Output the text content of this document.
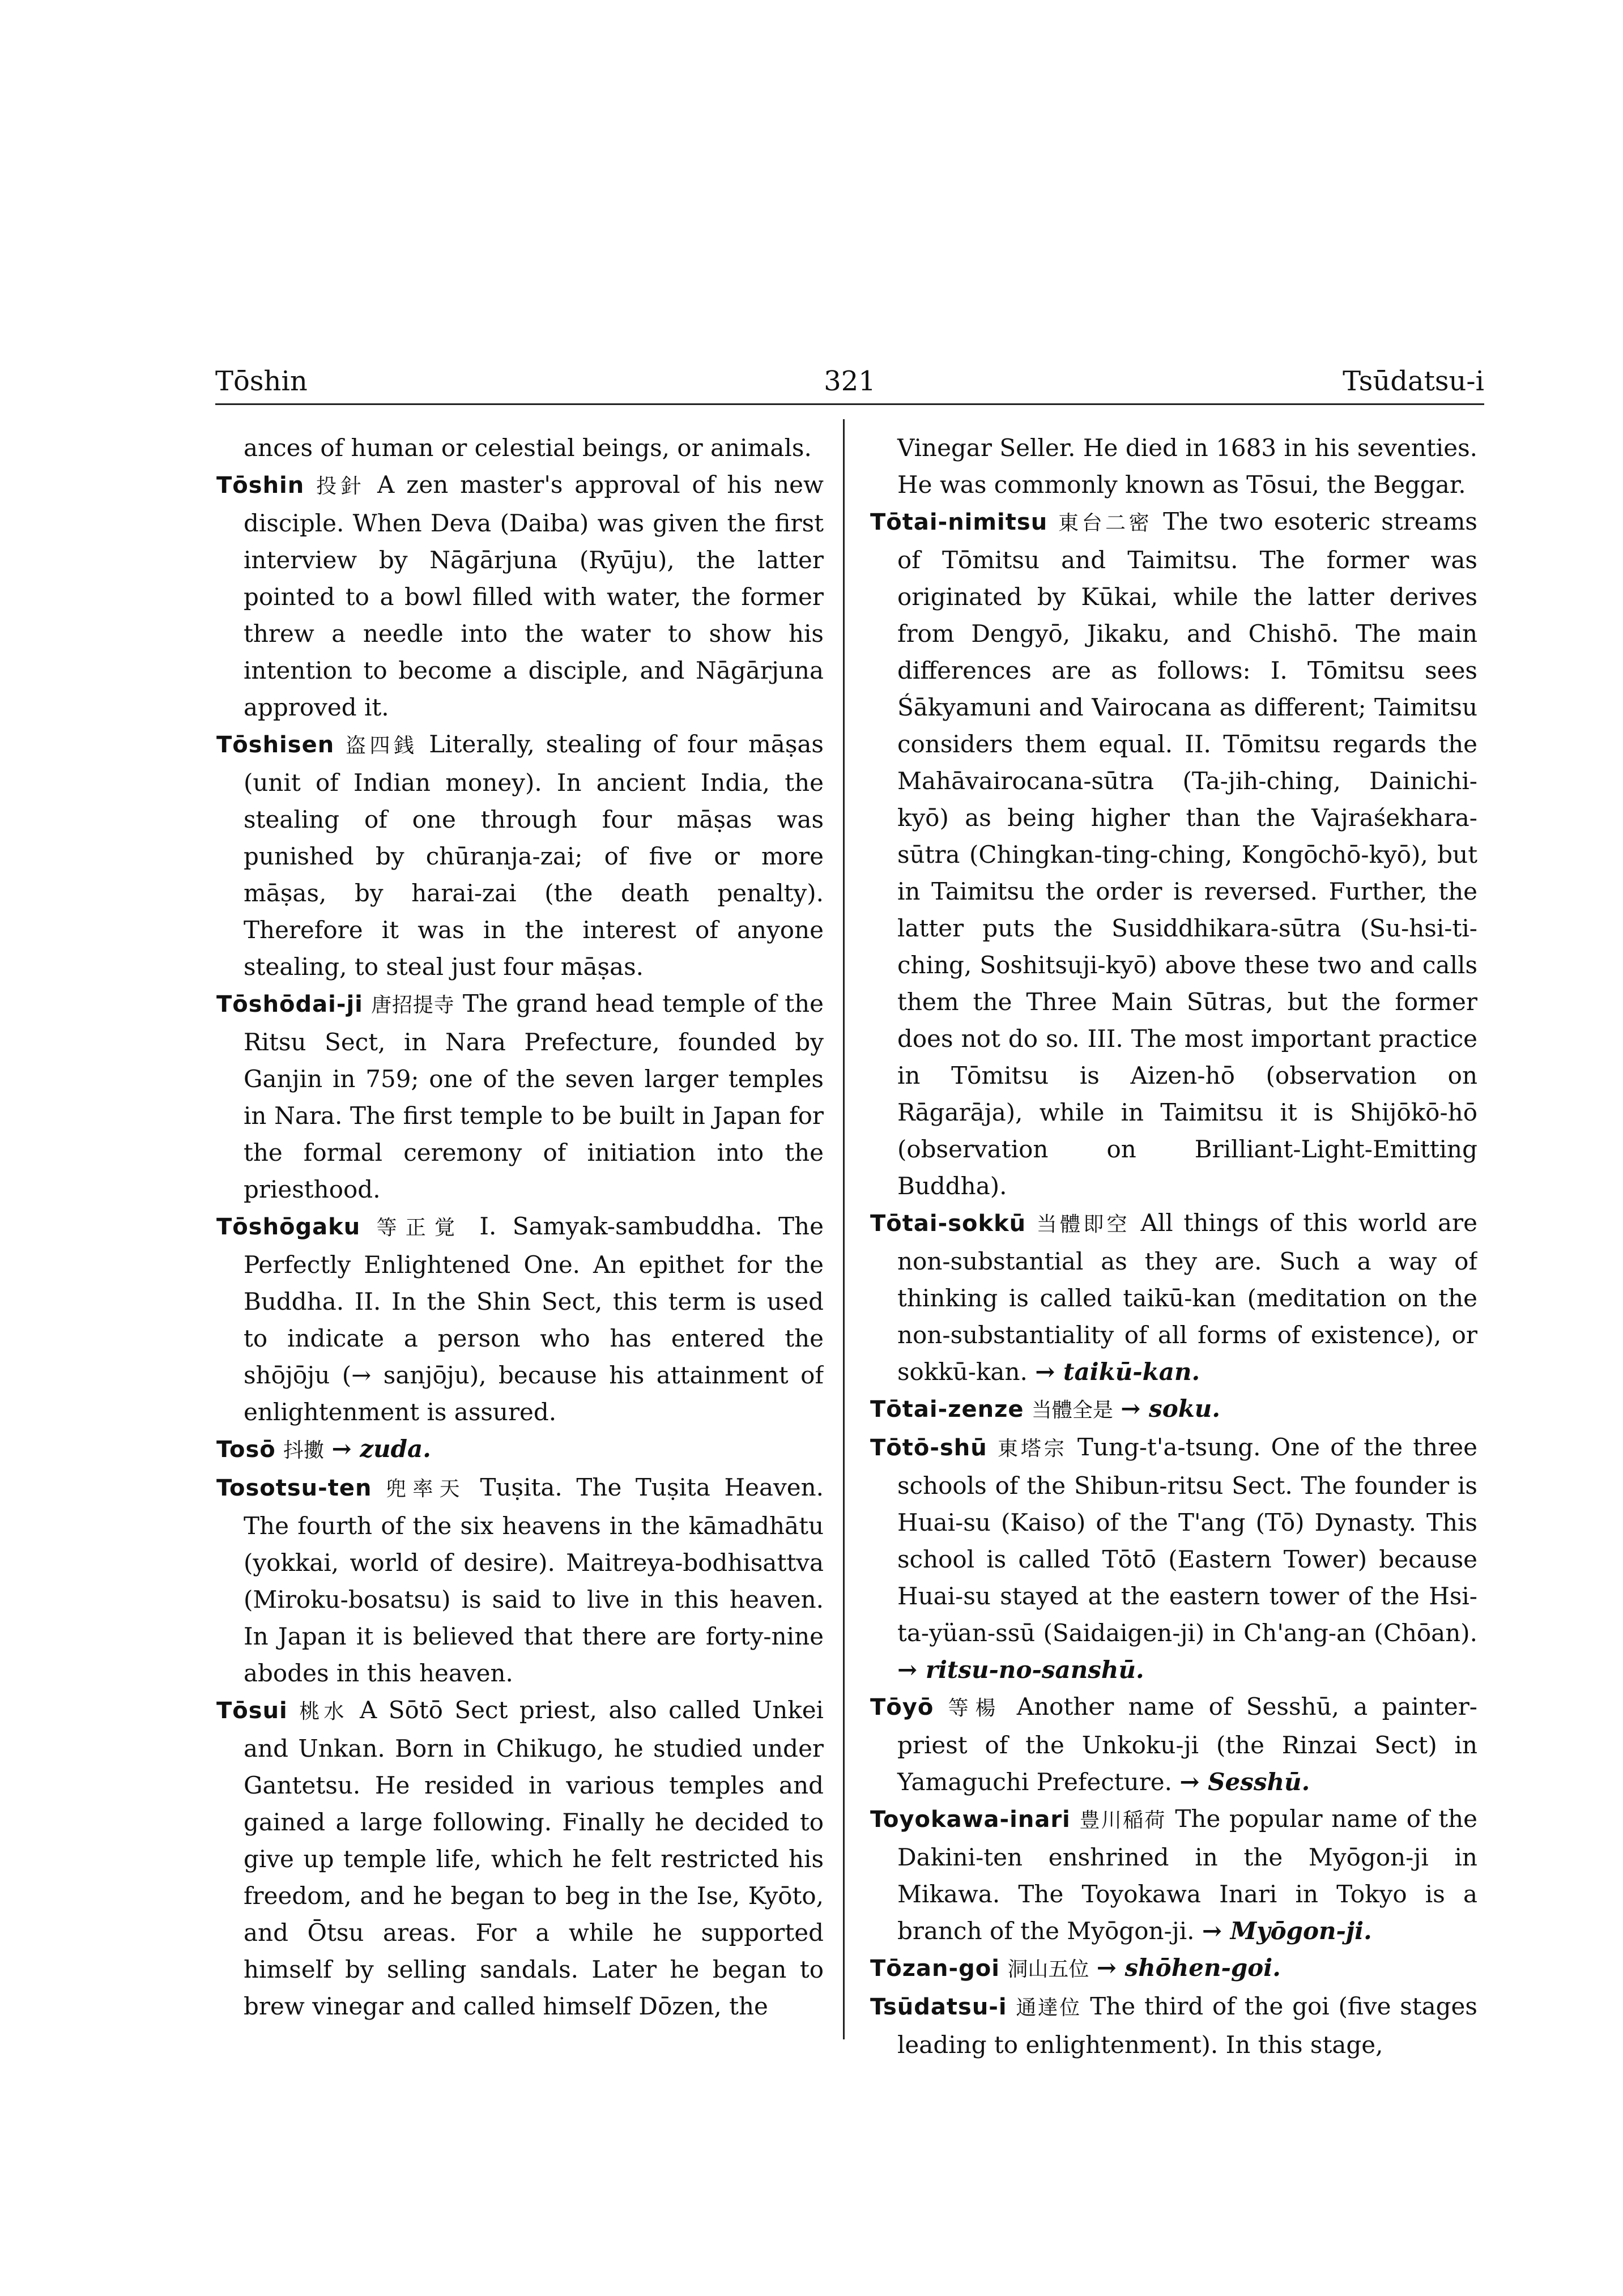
Tōshin	321	Tsūdatsu-i

ances of human or celestial beings, or animals.

Tōshin 投針 A zen master's approval of his new disciple. When Deva (Daiba) was given the first interview by Nāgārjuna (Ryūju), the latter pointed to a bowl filled with water, the former threw a needle into the water to show his intention to become a disciple, and Nāgārjuna approved it.

Tōshisen 盗四銭 Literally, stealing of four māṣas (unit of Indian money). In ancient India, the stealing of one through four māṣas was punished by chūranja-zai; of five or more māṣas, by harai-zai (the death penalty). Therefore it was in the interest of anyone stealing, to steal just four māṣas.

Tōshōdai-ji 唐招提寺 The grand head temple of the Ritsu Sect, in Nara Prefecture, founded by Ganjin in 759; one of the seven larger temples in Nara. The first temple to be built in Japan for the formal ceremony of initiation into the priesthood.

Tōshōgaku 等正覚 I. Samyak-sambuddha. The Perfectly Enlightened One. An epithet for the Buddha. II. In the Shin Sect, this term is used to indicate a person who has entered the shōjōju (→ sanjōju), because his attainment of enlightenment is assured.

Tosō 抖擻 → zuda.

Tosotsu-ten 兜率天 Tuṣita. The Tuṣita Heaven. The fourth of the six heavens in the kāmadhātu (yokkai, world of desire). Maitreya-bodhisattva (Miroku-bosatsu) is said to live in this heaven. In Japan it is believed that there are forty-nine abodes in this heaven.

Tōsui 桃水 A Sōtō Sect priest, also called Unkei and Unkan. Born in Chikugo, he studied under Gantetsu. He resided in various temples and gained a large following. Finally he decided to give up temple life, which he felt restricted his freedom, and he began to beg in the Ise, Kyōto, and Ōtsu areas. For a while he supported himself by selling sandals. Later he began to brew vinegar and called himself Dōzen, the

Vinegar Seller. He died in 1683 in his seventies. He was commonly known as Tōsui, the Beggar.

Tōtai-nimitsu 東台二密 The two esoteric streams of Tōmitsu and Taimitsu. The former was originated by Kūkai, while the latter derives from Dengyō, Jikaku, and Chishō. The main differences are as follows: I. Tōmitsu sees Śākyamuni and Vairocana as different; Taimitsu considers them equal. II. Tōmitsu regards the Mahāvairocana-sūtra (Ta-jih-ching, Dainichi-kyō) as being higher than the Vajraśekhara-sūtra (Chingkan-ting-ching, Kongōchō-kyō), but in Taimitsu the order is reversed. Further, the latter puts the Susiddhikara-sūtra (Su-hsi-ti-ching, Soshitsuji-kyō) above these two and calls them the Three Main Sūtras, but the former does not do so. III. The most important practice in Tōmitsu is Aizen-hō (observation on Rāgarāja), while in Taimitsu it is Shijōkō-hō (observation on Brilliant-Light-Emitting Buddha).

Tōtai-sokkū 当體即空 All things of this world are non-substantial as they are. Such a way of thinking is called taikū-kan (meditation on the non-substantiality of all forms of existence), or sokkū-kan. → taikū-kan.

Tōtai-zenze 当體全是 → soku.

Tōtō-shū 東塔宗 Tung-t'a-tsung. One of the three schools of the Shibun-ritsu Sect. The founder is Huai-su (Kaiso) of the T'ang (Tō) Dynasty. This school is called Tōtō (Eastern Tower) because Huai-su stayed at the eastern tower of the Hsi-ta-yüan-ssū (Saidaigen-ji) in Ch'ang-an (Chōan). → ritsu-no-sanshū.

Tōyō 等楊 Another name of Sesshū, a painter-priest of the Unkoku-ji (the Rinzai Sect) in Yamaguchi Prefecture. → Sesshū.

Toyokawa-inari 豊川稲荷 The popular name of the Dakini-ten enshrined in the Myōgon-ji in Mikawa. The Toyokawa Inari in Tokyo is a branch of the Myōgon-ji. → Myōgon-ji.

Tōzan-goi 洞山五位 → shōhen-goi.

Tsūdatsu-i 通達位 The third of the goi (five stages leading to enlightenment). In this stage,
